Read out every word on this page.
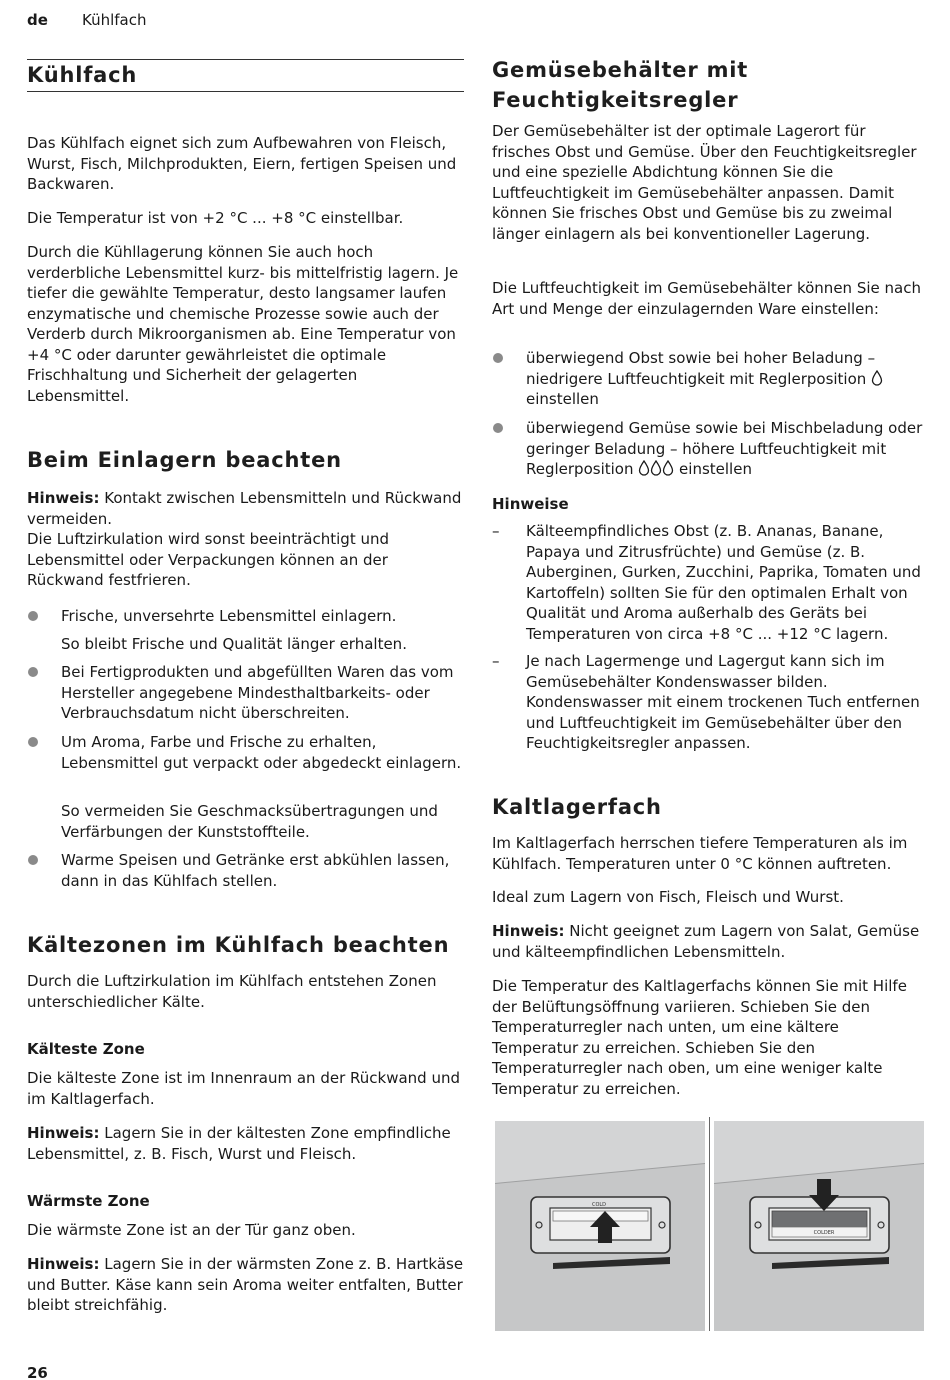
de Kühlfach
Kühlfach
Das Kühlfach eignet sich zum Aufbewahren von Fleisch, Wurst, Fisch, Milchprodukten, Eiern, fertigen Speisen und Backwaren.
Die Temperatur ist von +2 °C ... +8 °C einstellbar.
Durch die Kühllagerung können Sie auch hoch verderbliche Lebensmittel kurz- bis mittelfristig lagern. Je tiefer die gewählte Temperatur, desto langsamer laufen enzymatische und chemische Prozesse sowie auch der Verderb durch Mikroorganismen ab. Eine Temperatur von +4 °C oder darunter gewährleistet die optimale Frischhaltung und Sicherheit der gelagerten Lebensmittel.
Beim Einlagern beachten
Hinweis: Kontakt zwischen Lebensmitteln und Rückwand vermeiden.
Die Luftzirkulation wird sonst beeinträchtigt und Lebensmittel oder Verpackungen können an der Rückwand festfrieren.
Frische, unversehrte Lebensmittel einlagern.
So bleibt Frische und Qualität länger erhalten.
Bei Fertigprodukten und abgefüllten Waren das vom Hersteller angegebene Mindesthaltbarkeits- oder Verbrauchsdatum nicht überschreiten.
Um Aroma, Farbe und Frische zu erhalten, Lebensmittel gut verpackt oder abgedeckt einlagern.
So vermeiden Sie Geschmacksübertragungen und Verfärbungen der Kunststoffteile.
Warme Speisen und Getränke erst abkühlen lassen, dann in das Kühlfach stellen.
Kältezonen im Kühlfach beachten
Durch die Luftzirkulation im Kühlfach entstehen Zonen unterschiedlicher Kälte.
Kälteste Zone
Die kälteste Zone ist im Innenraum an der Rückwand und im Kaltlagerfach.
Hinweis: Lagern Sie in der kältesten Zone empfindliche Lebensmittel, z. B. Fisch, Wurst und Fleisch.
Wärmste Zone
Die wärmste Zone ist an der Tür ganz oben.
Hinweis: Lagern Sie in der wärmsten Zone z. B. Hartkäse und Butter. Käse kann sein Aroma weiter entfalten, Butter bleibt streichfähig.
Gemüsebehälter mit Feuchtigkeitsregler
Der Gemüsebehälter ist der optimale Lagerort für frisches Obst und Gemüse. Über den Feuchtigkeitsregler und eine spezielle Abdichtung können Sie die Luftfeuchtigkeit im Gemüsebehälter anpassen. Damit können Sie frisches Obst und Gemüse bis zu zweimal länger einlagern als bei konventioneller Lagerung.
Die Luftfeuchtigkeit im Gemüsebehälter können Sie nach Art und Menge der einzulagernden Ware einstellen:
überwiegend Obst sowie bei hoher Beladung – niedrigere Luftfeuchtigkeit mit Reglerposition  einstellen
überwiegend Gemüse sowie bei Mischbeladung oder geringer Beladung – höhere Luftfeuchtigkeit mit Reglerposition	einstellen
Hinweise
– Kälteempfindliches Obst (z. B. Ananas, Banane, Papaya und Zitrusfrüchte) und Gemüse (z. B. Auberginen, Gurken, Zucchini, Paprika, Tomaten und Kartoffeln) sollten Sie für den optimalen Erhalt von Qualität und Aroma außerhalb des Geräts bei Temperaturen von circa +8 °C ... +12 °C lagern.
– Je nach Lagermenge und Lagergut kann sich im Gemüsebehälter Kondenswasser bilden. Kondenswasser mit einem trockenen Tuch entfernen und Luftfeuchtigkeit im Gemüsebehälter über den Feuchtigkeitsregler anpassen.
Kaltlagerfach
Im Kaltlagerfach herrschen tiefere Temperaturen als im Kühlfach. Temperaturen unter 0 °C können auftreten.
Ideal zum Lagern von Fisch, Fleisch und Wurst.
Hinweis: Nicht geeignet zum Lagern von Salat, Gemüse und kälteempfindlichen Lebensmitteln.
Die Temperatur des Kaltlagerfachs können Sie mit Hilfe der Belüftungsöffnung variieren. Schieben Sie den Temperaturregler nach unten, um eine kältere Temperatur zu erreichen. Schieben Sie den Temperaturregler nach oben, um eine weniger kalte Temperatur zu erreichen.
COLD
COLDER
26
